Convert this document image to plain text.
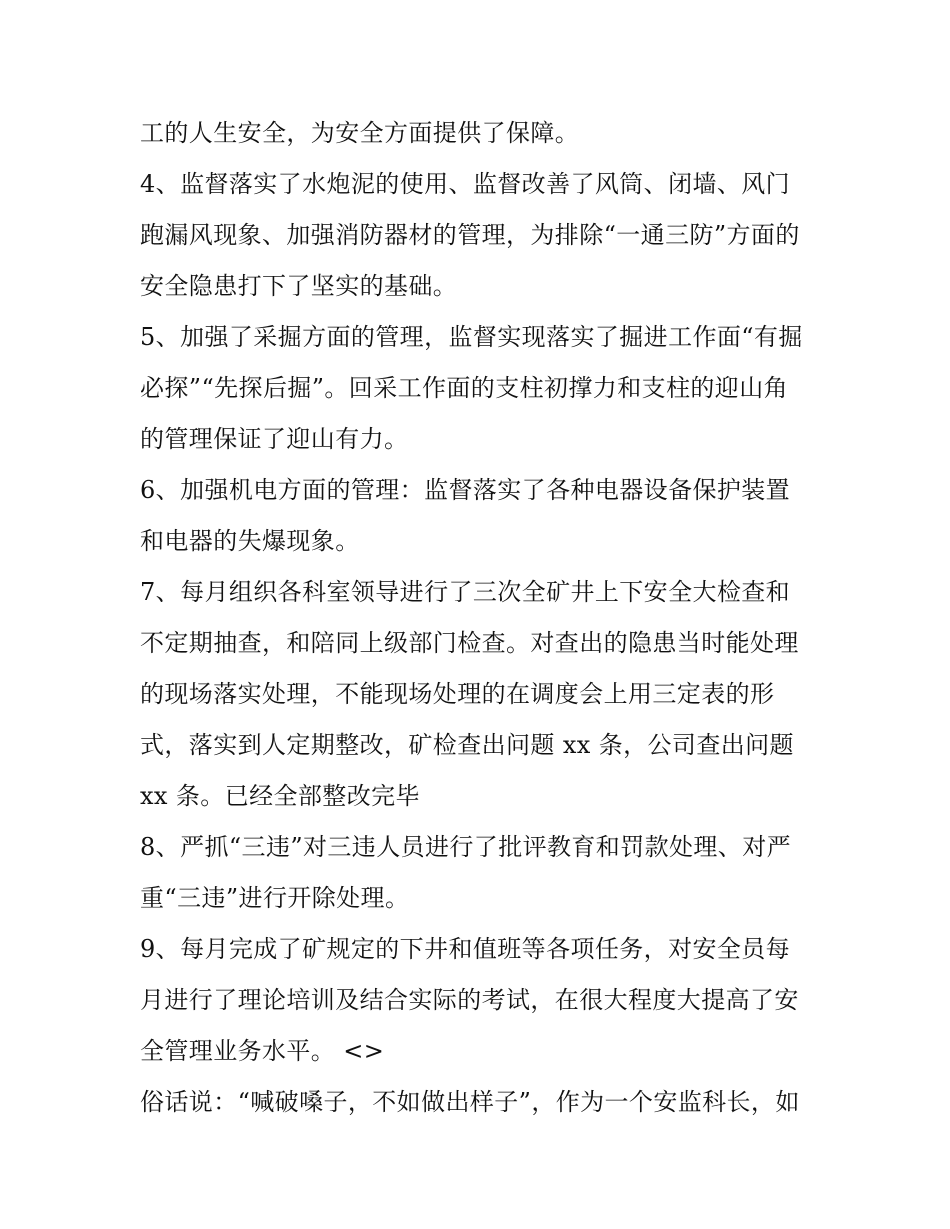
工的人生安全，为安全方面提供了保障。
4、监督落实了水炮泥的使用、监督改善了风筒、闭墙、风门
跑漏风现象、加强消防器材的管理，为排除“一通三防”方面的
安全隐患打下了坚实的基础。
5、加强了采掘方面的管理，监督实现落实了掘进工作面“有掘
必探”“先探后掘”。回采工作面的支柱初撑力和支柱的迎山角
的管理保证了迎山有力。
6、加强机电方面的管理：监督落实了各种电器设备保护装置
和电器的失爆现象。
7、每月组织各科室领导进行了三次全矿井上下安全大检查和
不定期抽查，和陪同上级部门检查。对查出的隐患当时能处理
的现场落实处理，不能现场处理的在调度会上用三定表的形
式，落实到人定期整改，矿检查出问题 xx 条，公司查出问题
xx 条。已经全部整改完毕
8、严抓“三违”对三违人员进行了批评教育和罚款处理、对严
重“三违”进行开除处理。
9、每月完成了矿规定的下井和值班等各项任务，对安全员每
月进行了理论培训及结合实际的考试，在很大程度大提高了安
全管理业务水平。 <>
俗话说：“喊破嗓子，不如做出样子”，作为一个安监科长，如
